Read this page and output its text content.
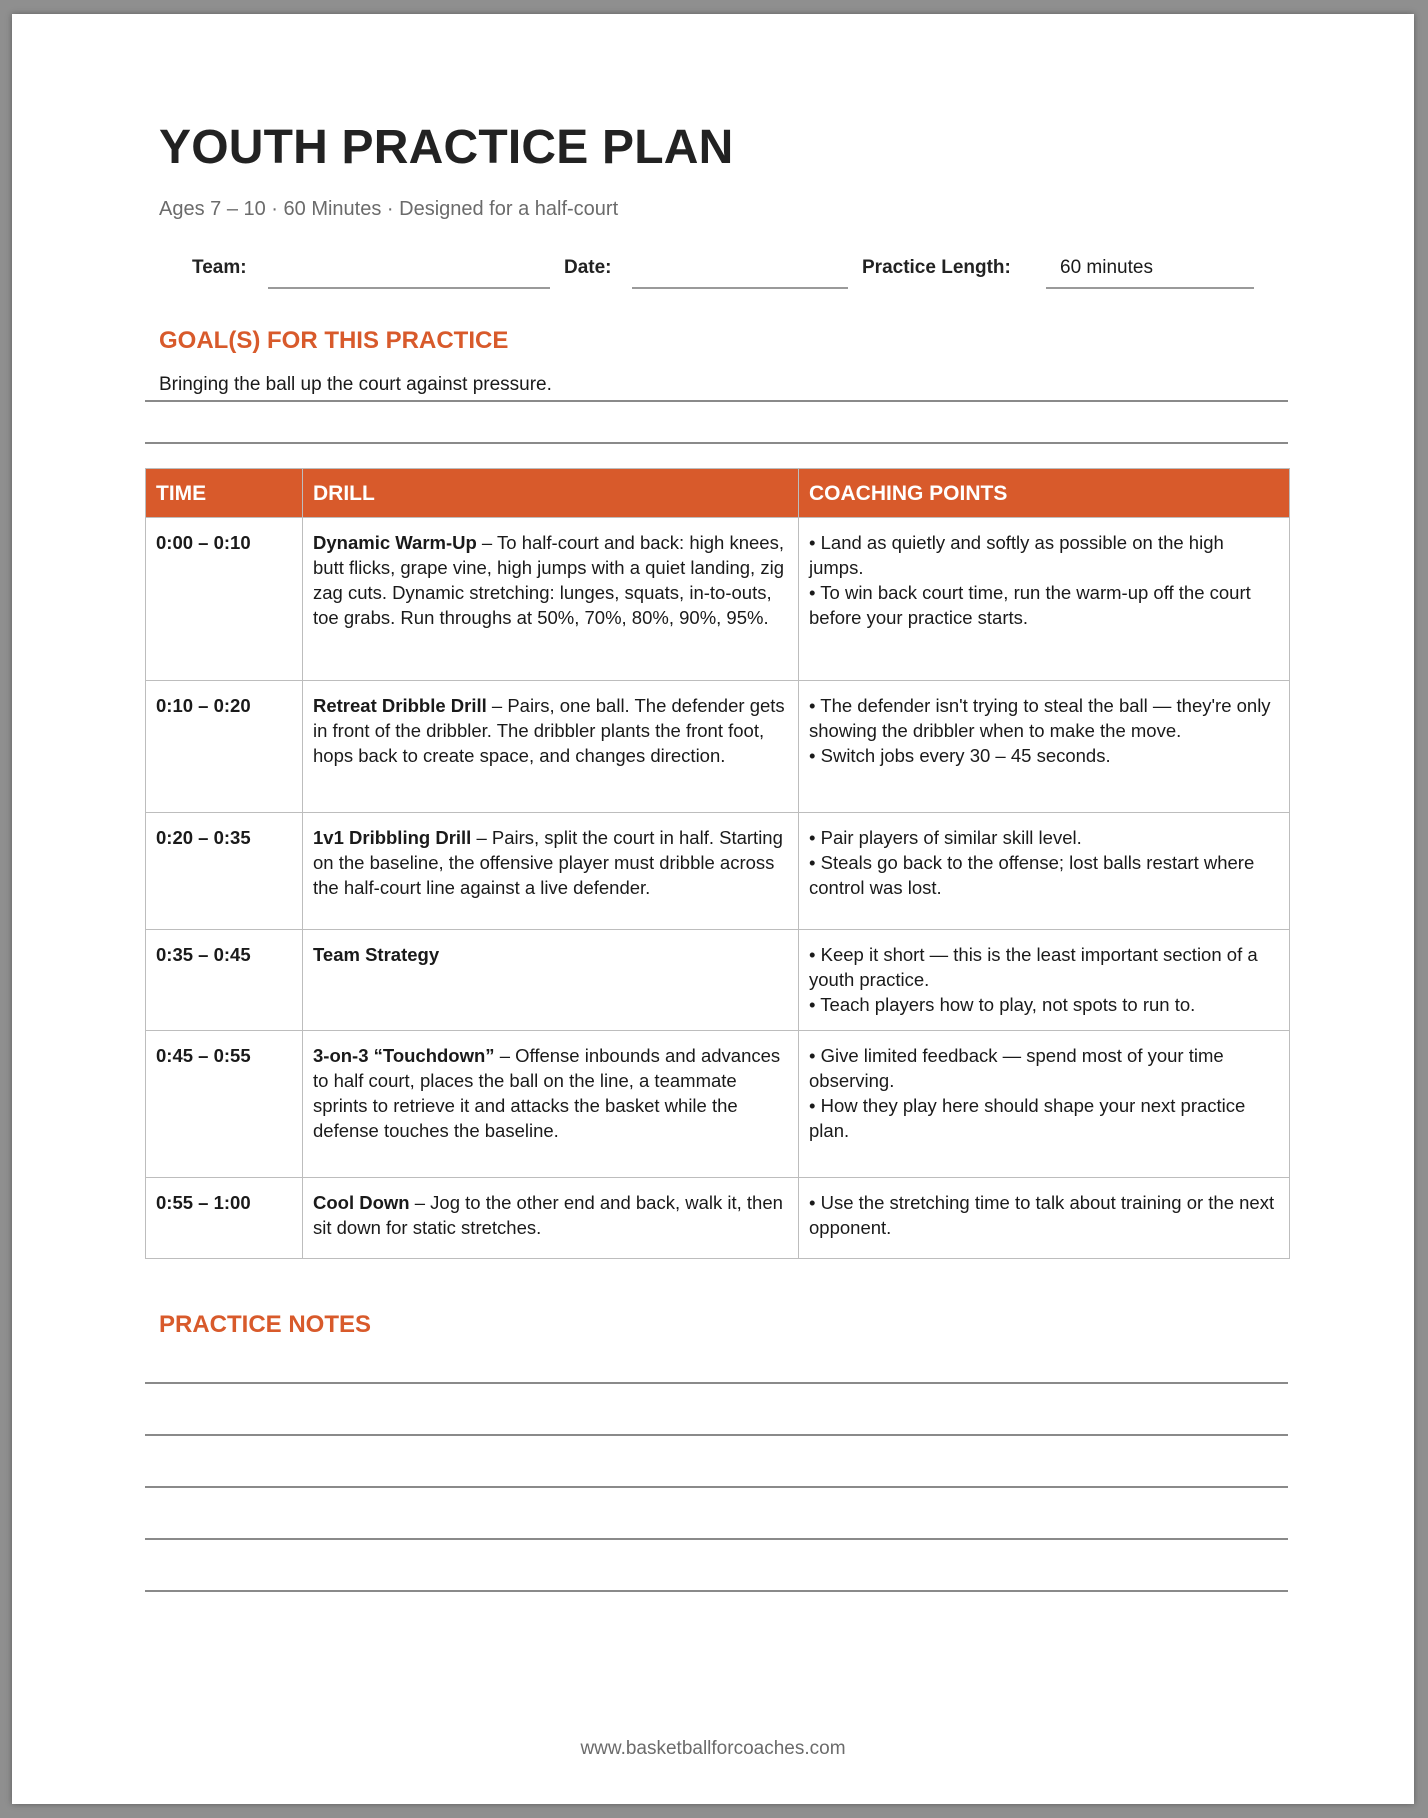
YOUTH PRACTICE PLAN
Ages 7 – 10 · 60 Minutes · Designed for a half-court
Team:	Date:	Practice Length:	60 minutes
GOAL(S) FOR THIS PRACTICE
Bringing the ball up the court against pressure.
TIME	DRILL	COACHING POINTS
0:00 – 0:10	Dynamic Warm-Up – To half-court and back: high knees, butt flicks, grape vine, high jumps with a quiet landing, zig zag cuts. Dynamic stretching: lunges, squats, in-to-outs, toe grabs. Run throughs at 50%, 70%, 80%, 90%, 95%.	• Land as quietly and softly as possible on the high jumps.
• To win back court time, run the warm-up off the court before your practice starts.

0:10 – 0:20	Retreat Dribble Drill – Pairs, one ball. The defender gets in front of the dribbler. The dribbler plants the front foot, hops back to create space, and changes direction.	• The defender isn't trying to steal the ball — they're only showing the dribbler when to make the move.
• Switch jobs every 30 – 45 seconds.

0:20 – 0:35	1v1 Dribbling Drill – Pairs, split the court in half. Starting on the baseline, the offensive player must dribble across the half-court line against a live defender.	• Pair players of similar skill level.
• Steals go back to the offense; lost balls restart where control was lost.

0:35 – 0:45	Team Strategy	• Keep it short — this is the least important section of a youth practice.
• Teach players how to play, not spots to run to.

0:45 – 0:55	3-on-3 “Touchdown” – Offense inbounds and advances to half court, places the ball on the line, a teammate sprints to retrieve it and attacks the basket while the defense touches the baseline.	• Give limited feedback — spend most of your time observing.
• How they play here should shape your next practice plan.

0:55 – 1:00	Cool Down – Jog to the other end and back, walk it, then sit down for static stretches.	• Use the stretching time to talk about training or the next opponent.
PRACTICE NOTES
www.basketballforcoaches.com
